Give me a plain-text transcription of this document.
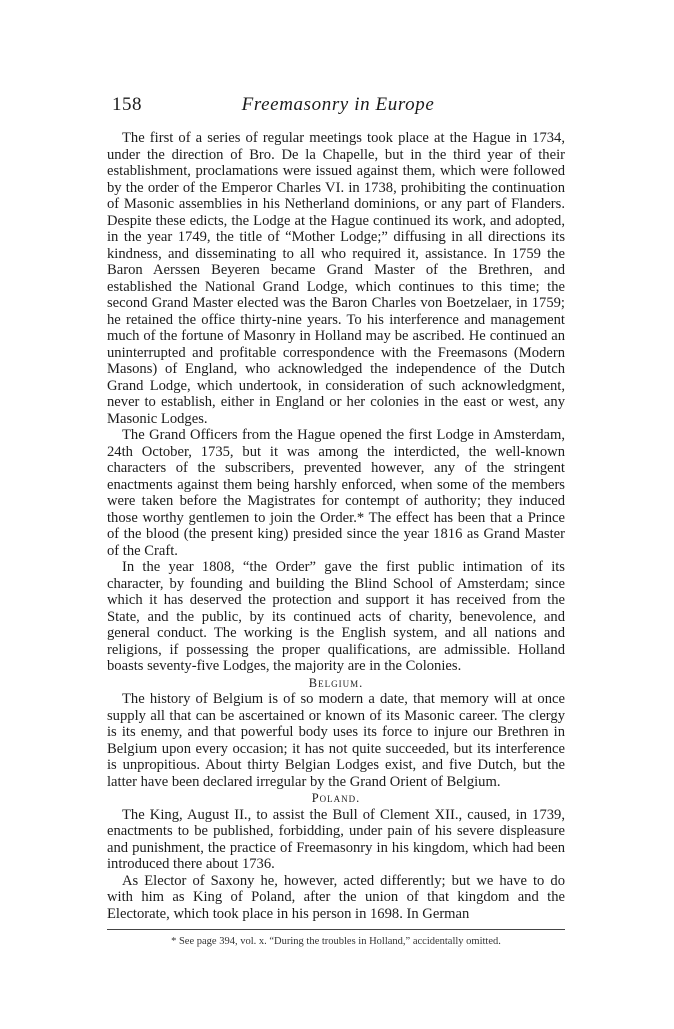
158	Freemasonry in Europe

The first of a series of regular meetings took place at the Hague in 1734, under the direction of Bro. De la Chapelle, but in the third year of their establishment, proclamations were issued against them, which were followed by the order of the Emperor Charles VI. in 1738, prohibiting the continuation of Masonic assemblies in his Netherland dominions, or any part of Flanders. Despite these edicts, the Lodge at the Hague continued its work, and adopted, in the year 1749, the title of “Mother Lodge;” diffusing in all directions its kindness, and disseminating to all who required it, assistance. In 1759 the Baron Aerssen Beyeren became Grand Master of the Brethren, and established the National Grand Lodge, which continues to this time; the second Grand Master elected was the Baron Charles von Boetzelaer, in 1759; he retained the office thirty-nine years. To his interference and management much of the fortune of Masonry in Holland may be ascribed. He continued an uninterrupted and profitable correspondence with the Freemasons (Modern Masons) of England, who acknowledged the independence of the Dutch Grand Lodge, which undertook, in consideration of such acknowledgment, never to establish, either in England or her colonies in the east or west, any Masonic Lodges.

The Grand Officers from the Hague opened the first Lodge in Amsterdam, 24th October, 1735, but it was among the interdicted, the well-known characters of the subscribers, prevented however, any of the stringent enactments against them being harshly enforced, when some of the members were taken before the Magistrates for contempt of authority; they induced those worthy gentlemen to join the Order.* The effect has been that a Prince of the blood (the present king) presided since the year 1816 as Grand Master of the Craft.

In the year 1808, “the Order” gave the first public intimation of its character, by founding and building the Blind School of Amsterdam; since which it has deserved the protection and support it has received from the State, and the public, by its continued acts of charity, benevolence, and general conduct. The working is the English system, and all nations and religions, if possessing the proper qualifications, are admissible. Holland boasts seventy-five Lodges, the majority are in the Colonies.

Belgium.

The history of Belgium is of so modern a date, that memory will at once supply all that can be ascertained or known of its Masonic career. The clergy is its enemy, and that powerful body uses its force to injure our Brethren in Belgium upon every occasion; it has not quite succeeded, but its interference is unpropitious. About thirty Belgian Lodges exist, and five Dutch, but the latter have been declared irregular by the Grand Orient of Belgium.

Poland.

The King, August II., to assist the Bull of Clement XII., caused, in 1739, enactments to be published, forbidding, under pain of his severe displeasure and punishment, the practice of Freemasonry in his kingdom, which had been introduced there about 1736.

As Elector of Saxony he, however, acted differently; but we have to do with him as King of Poland, after the union of that kingdom and the Electorate, which took place in his person in 1698. In German

* See page 394, vol. x. “During the troubles in Holland,” accidentally omitted.
